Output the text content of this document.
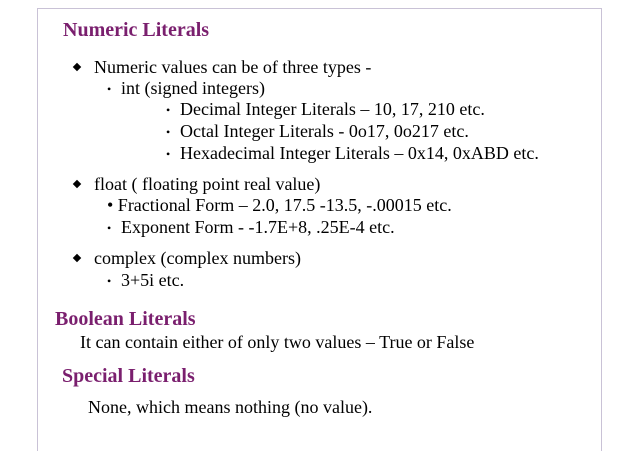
Numeric Literals
Numeric values can be of three types -
• int (signed integers)
• Decimal Integer Literals – 10, 17, 210 etc.
• Octal Integer Literals - 0o17, 0o217 etc.
• Hexadecimal Integer Literals – 0x14, 0xABD etc.
float ( floating point real value)
• Fractional Form – 2.0, 17.5 -13.5, -.00015 etc.
• Exponent Form - -1.7E+8, .25E-4 etc.
complex (complex numbers)
• 3+5i etc.
Boolean Literals
It can contain either of only two values – True or False
Special Literals
None, which means nothing (no value).
